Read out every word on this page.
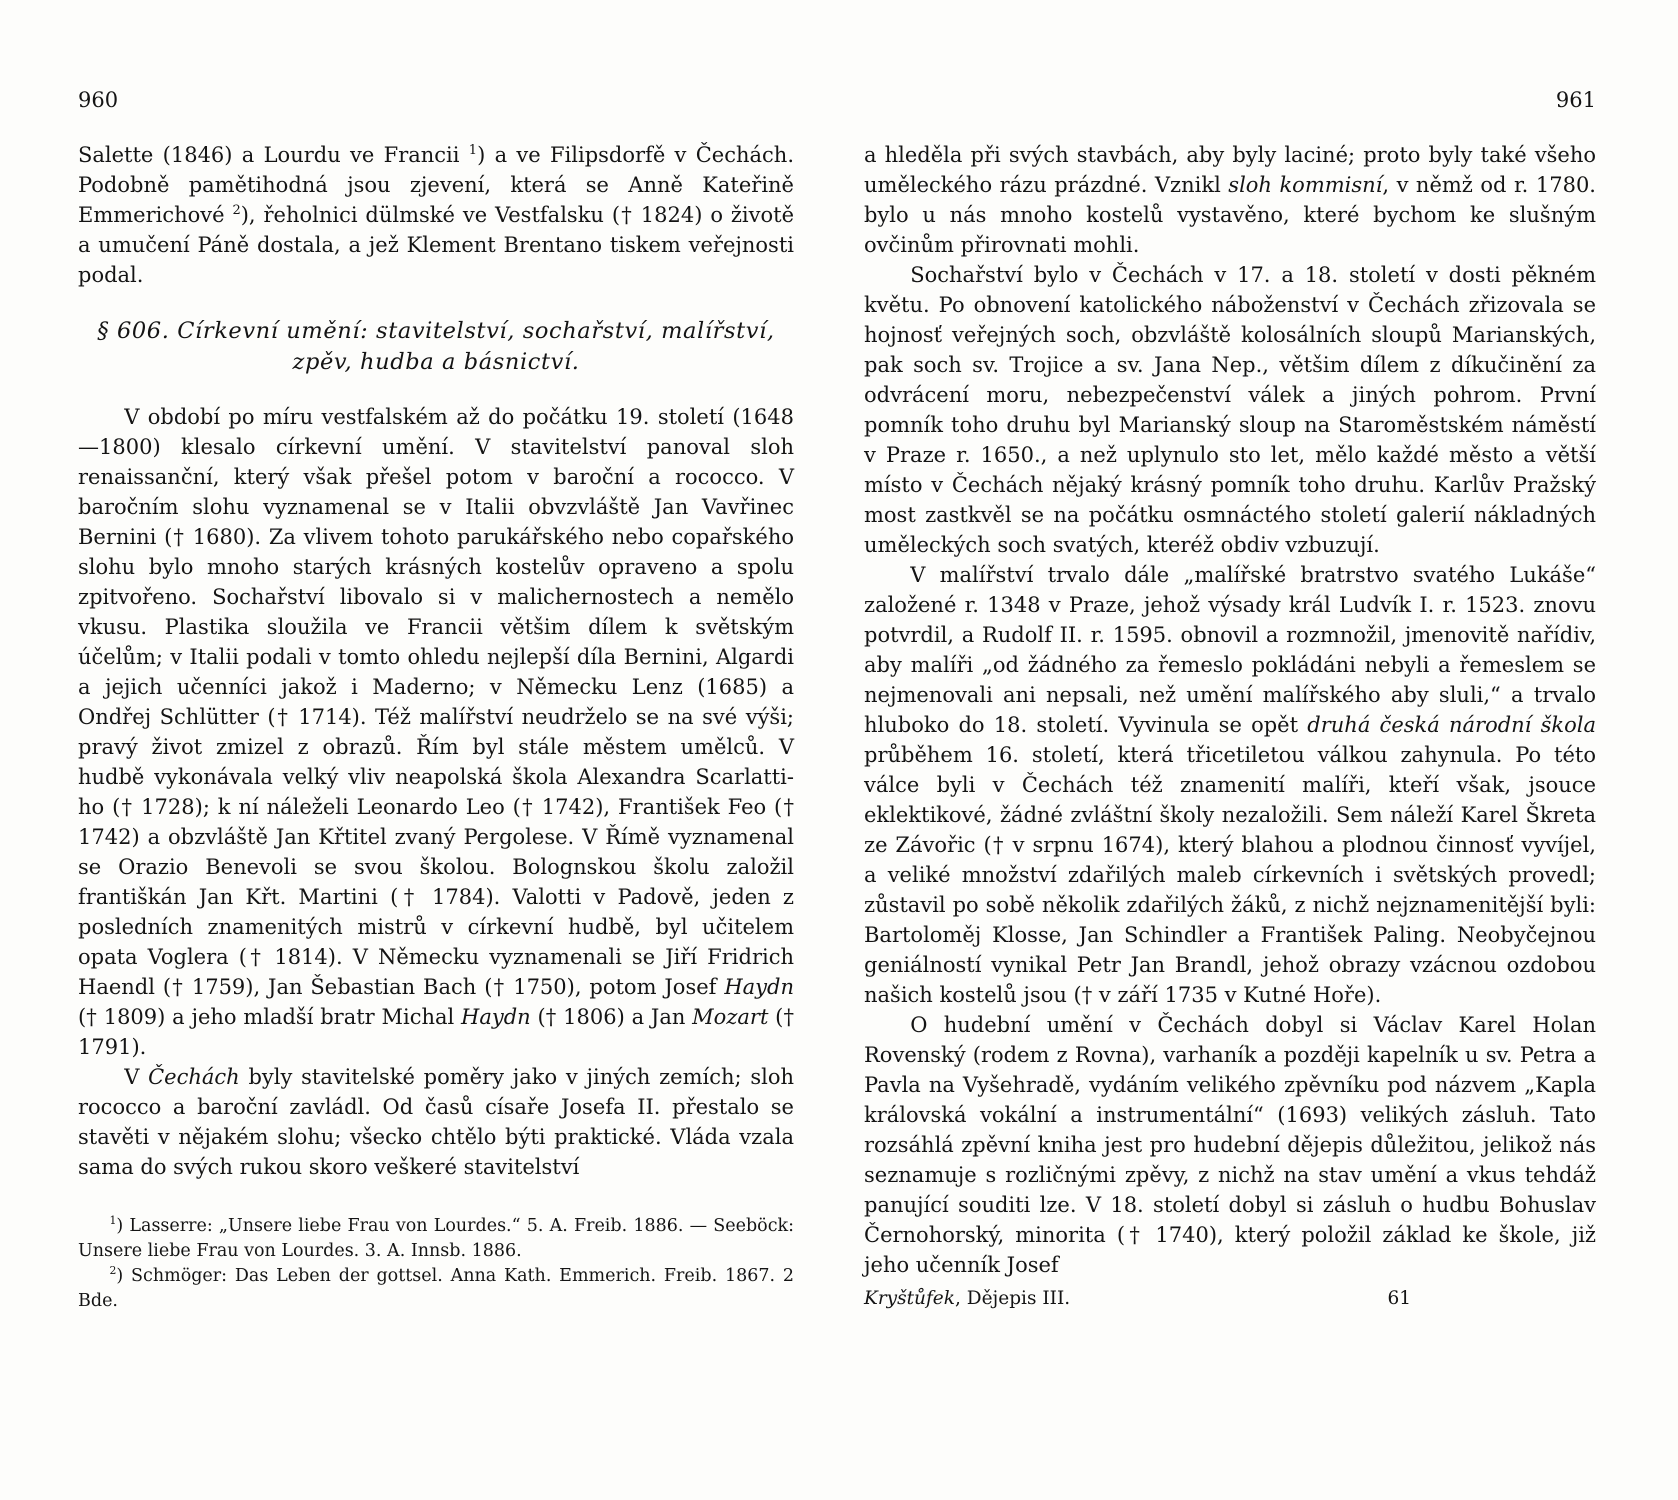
960

Salette (1846) a Lourdu ve Francii $^1$) a ve Filipsdorfě v Čechách. Podobně pamětihodná jsou zjevení, která se Anně Kateřině Emmerichové $^2$), řeholnici dülmské ve Vestfalsku († 1824) o životě a umučení Páně dostala, a jež Klement Brentano tiskem veřejnosti podal.

§ 606. Církevní umění: stavitelství, sochařství, malířství,
zpěv, hudba a básnictví.

V období po míru vestfalském až do počátku 19. století (1648—1800) klesalo církevní umění. V stavitelství panoval sloh renaissanční, který však přešel potom v baroční a rococco. V baročním slohu vyznamenal se v Italii obvzvláště Jan Vavřinec Bernini († 1680). Za vlivem tohoto parukářského nebo copařského slohu bylo mnoho starých krásných kostelův opraveno a spolu zpitvořeno. Sochařství libovalo si v malichernostech a nemělo vkusu. Plastika sloužila ve Francii většim dílem k světským účelům; v Italii podali v tomto ohledu nejlepší díla Bernini, Algardi a jejich učenníci jakož i Maderno; v Německu Lenz (1685) a Ondřej Schlütter († 1714). Též malířství neudrželo se na své výši; pravý život zmizel z obrazů. Řím byl stále městem umělců. V hudbě vykonávala velký vliv neapolská škola Alexandra Scarlatti-ho († 1728); k ní náleželi Leonardo Leo († 1742), František Feo († 1742) a obzvláště Jan Křtitel zvaný Pergolese. V Římě vyznamenal se Orazio Benevoli se svou školou. Bolognskou školu založil františkán Jan Křt. Martini († 1784). Valotti v Padově, jeden z posledních znamenitých mistrů v církevní hudbě, byl učitelem opata Voglera († 1814). V Německu vyznamenali se Jiří Fridrich Haendl († 1759), Jan Šebastian Bach († 1750), potom Josef Haydn († 1809) a jeho mladší bratr Michal Haydn († 1806) a Jan Mozart († 1791).

V Čechách byly stavitelské poměry jako v jiných zemích; sloh rococco a baroční zavládl. Od časů císaře Josefa II. přestalo se stavěti v nějakém slohu; všecko chtělo býti praktické. Vláda vzala sama do svých rukou skoro veškeré stavitelství

$^1$) Lasserre: „Unsere liebe Frau von Lourdes.“ 5. A. Freib. 1886. — Seeböck: Unsere liebe Frau von Lourdes. 3. A. Innsb. 1886.

$^2$) Schmöger: Das Leben der gottsel. Anna Kath. Emmerich. Freib. 1867. 2 Bde.

961

a hleděla při svých stavbách, aby byly laciné; proto byly také všeho uměleckého rázu prázdné. Vznikl sloh kommisní, v němž od r. 1780. bylo u nás mnoho kostelů vystavěno, které bychom ke slušným ovčinům přirovnati mohli.

Sochařství bylo v Čechách v 17. a 18. století v dosti pěkném květu. Po obnovení katolického náboženství v Čechách zřizovala se hojnosť veřejných soch, obzvláště kolosálních sloupů Marianských, pak soch sv. Trojice a sv. Jana Nep., většim dílem z díkučinění za odvrácení moru, nebezpečenství válek a jiných pohrom. První pomník toho druhu byl Marianský sloup na Staroměstském náměstí v Praze r. 1650., a než uplynulo sto let, mělo každé město a větší místo v Čechách nějaký krásný pomník toho druhu. Karlův Pražský most zastkvěl se na počátku osmnáctého století galerií nákladných uměleckých soch svatých, kteréž obdiv vzbuzují.

V malířství trvalo dále „malířské bratrstvo svatého Lukáše“ založené r. 1348 v Praze, jehož výsady král Ludvík I. r. 1523. znovu potvrdil, a Rudolf II. r. 1595. obnovil a rozmnožil, jmenovitě nařídiv, aby malíři „od žádného za řemeslo pokládáni nebyli a řemeslem se nejmenovali ani nepsali, než umění malířského aby sluli,“ a trvalo hluboko do 18. století. Vyvinula se opět druhá česká národní škola průběhem 16. století, která třicetiletou válkou zahynula. Po této válce byli v Čechách též znamenití malíři, kteří však, jsouce eklektikové, žádné zvláštní školy nezaložili. Sem náleží Karel Škreta ze Závořic († v srpnu 1674), který blahou a plodnou činnosť vyvíjel, a veliké množství zdařilých maleb církevních i světských provedl; zůstavil po sobě několik zdařilých žáků, z nichž nejznamenitější byli: Bartoloměj Klosse, Jan Schindler a František Paling. Neobyčejnou geniálností vynikal Petr Jan Brandl, jehož obrazy vzácnou ozdobou našich kostelů jsou († v září 1735 v Kutné Hoře).

O hudební umění v Čechách dobyl si Václav Karel Holan Rovenský (rodem z Rovna), varhaník a později kapelník u sv. Petra a Pavla na Vyšehradě, vydáním velikého zpěvníku pod názvem „Kapla královská vokální a instrumentální“ (1693) velikých zásluh. Tato rozsáhlá zpěvní kniha jest pro hudební dějepis důležitou, jelikož nás seznamuje s rozličnými zpěvy, z nichž na stav umění a vkus tehdáž panující souditi lze. V 18. století dobyl si zásluh o hudbu Bohuslav Černohorský, minorita († 1740), který položil základ ke škole, již jeho učenník Josef

Kryštůfek, Dějepis III.	61
